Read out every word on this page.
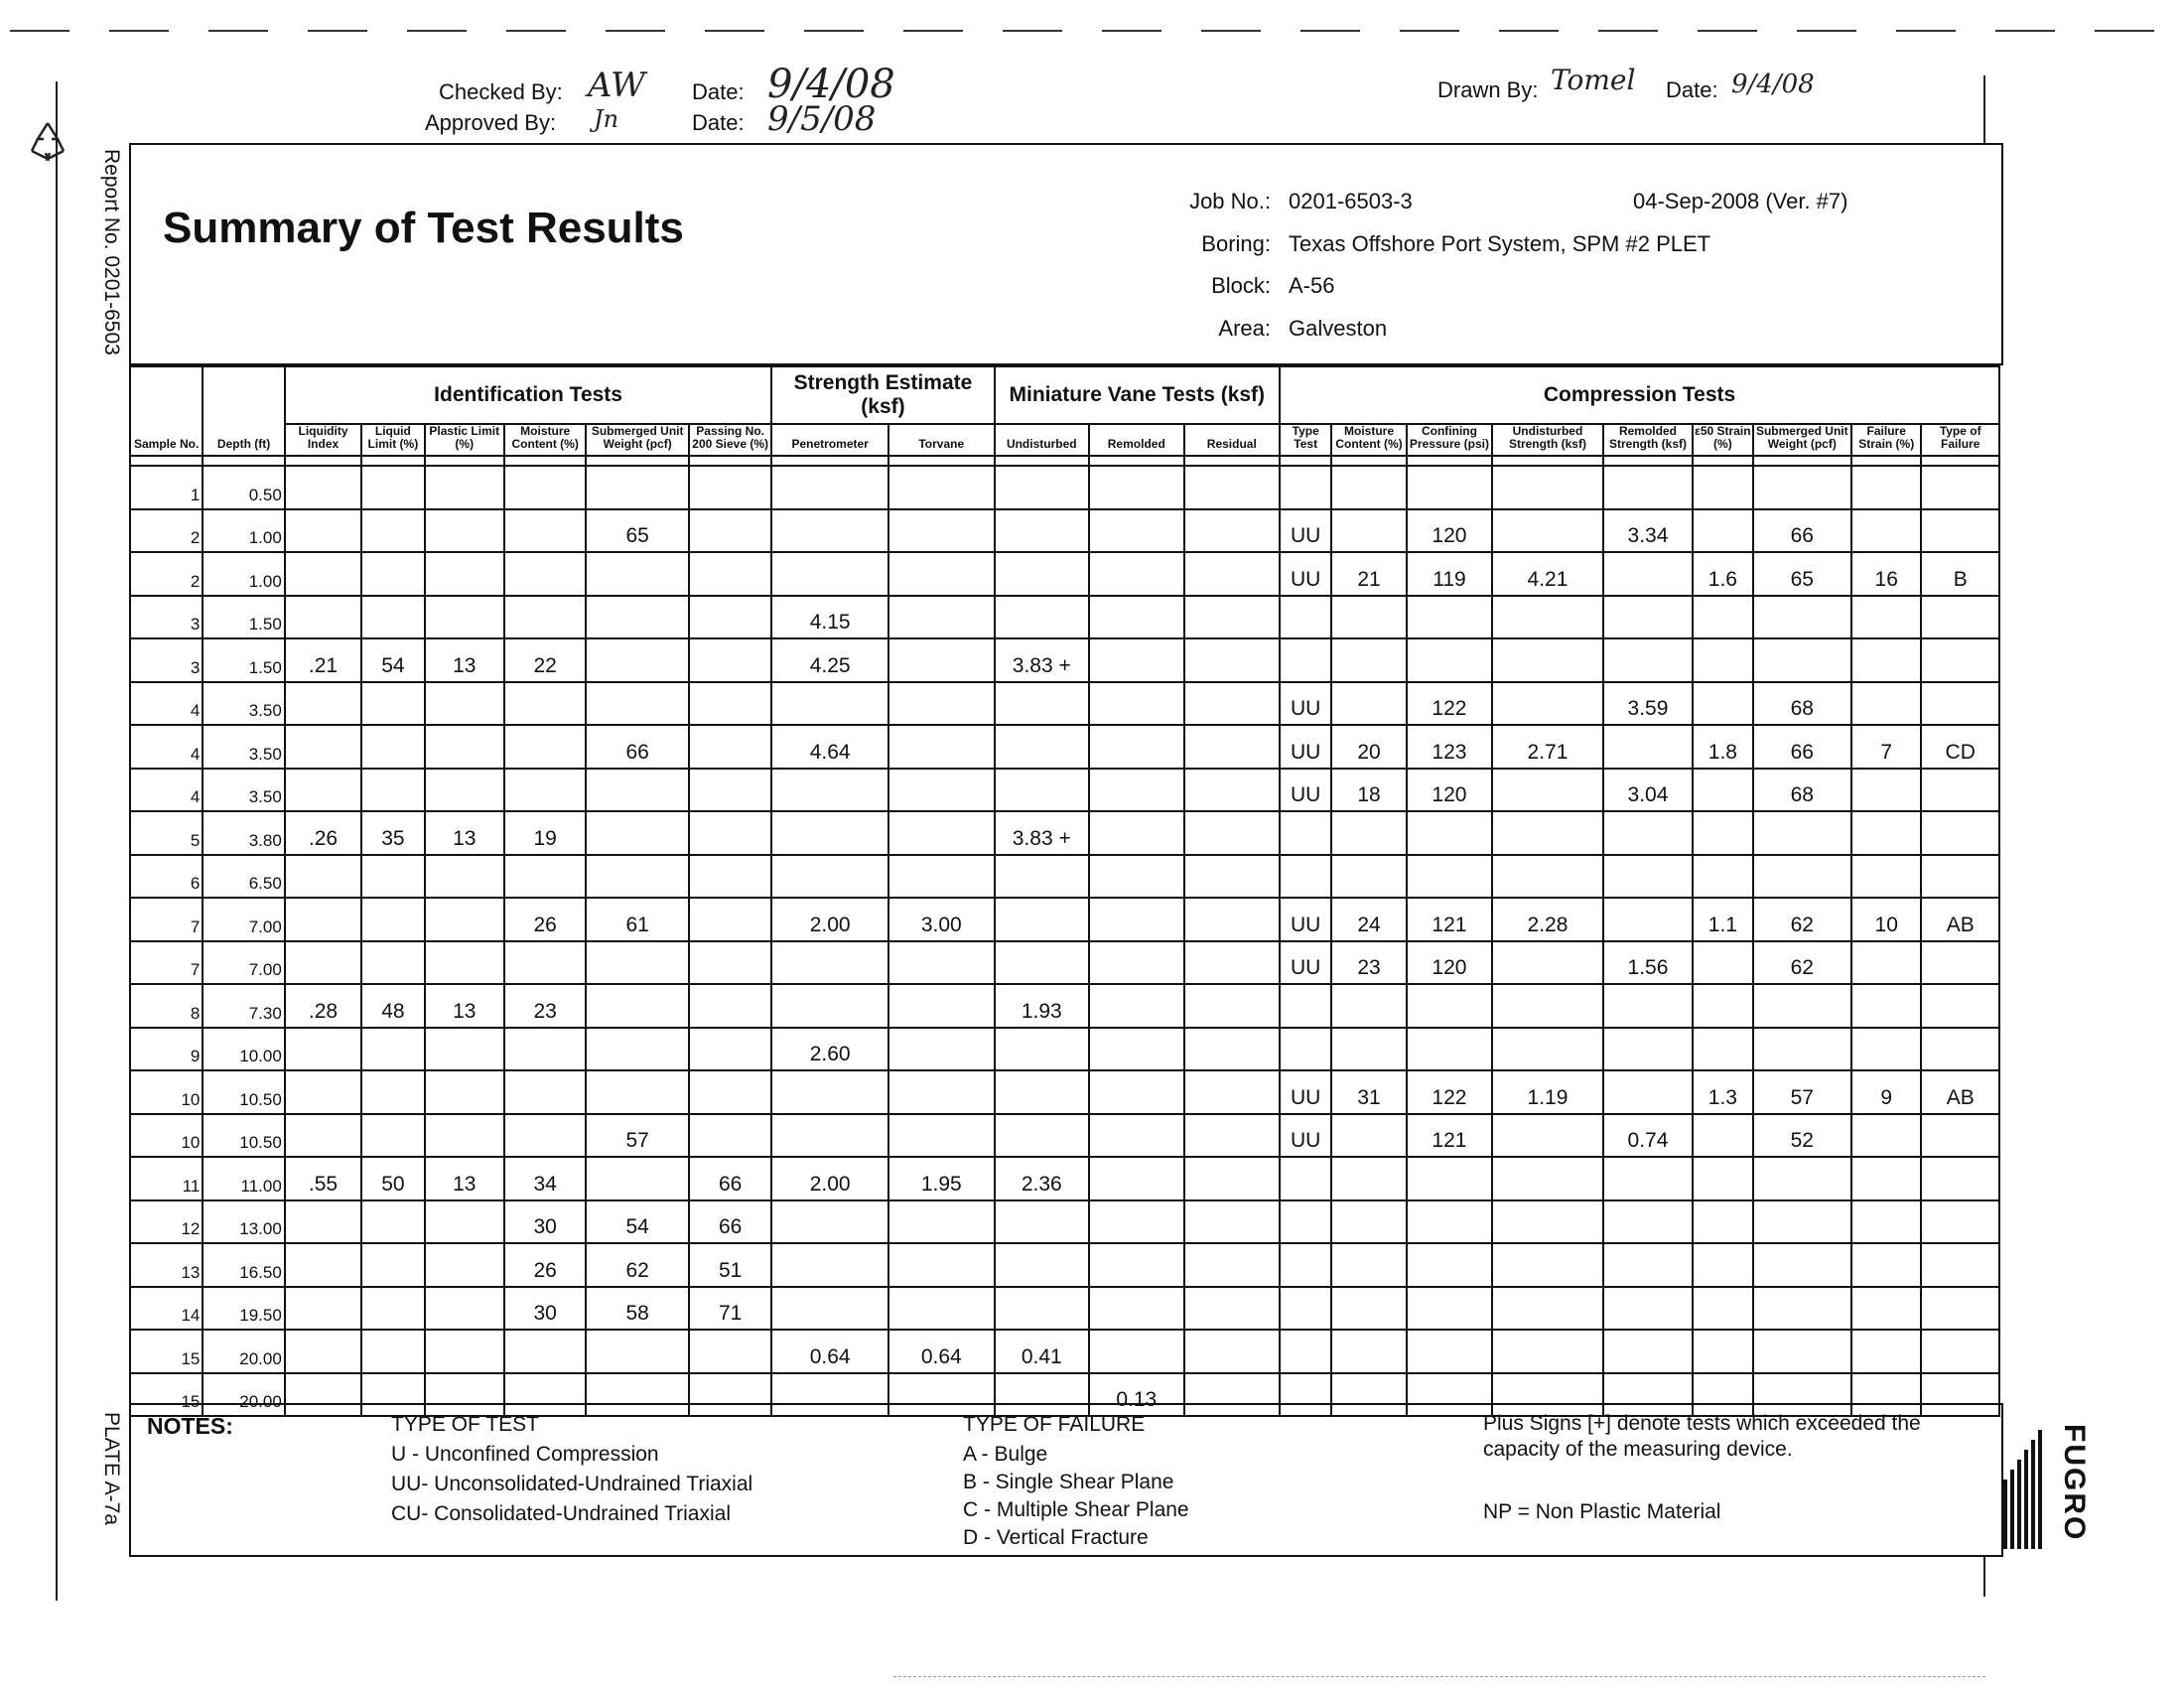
Report No. 0201-6503
PLATE A-7a
Checked By: AW Date: 9/4/08
Approved By: Jn	Date: 9/5/08
Drawn By: Tomel Date: 9/4/08
Summary of Test Results
Job No.: 0201-6503-3	04-Sep-2008 (Ver. #7)
Boring: Texas Offshore Port System, SPM #2 PLET
Block: A-56
Area: Galveston
Sample No.	Depth (ft)	Identification Tests						Strength Estimate (ksf)		Miniature Vane Tests (ksf)			Compression Tests								
		Liquidity Index	Liquid Limit (%)	Plastic Limit (%)	Moisture Content (%)	Submerged Unit Weight (pcf)	Passing No. 200 Sieve (%)	Penetrometer	Torvane	Undisturbed	Remolded	Residual	Type Test	Moisture Content (%)	Confining Pressure (psi)	Undisturbed Strength (ksf)	Remolded Strength (ksf)	ε50 Strain (%)	Submerged Unit Weight (pcf)	Failure Strain (%)	Type of Failure

1	0.50																				
2	1.00					65							UU		120		3.34		66		
2	1.00												UU	21	119	4.21		1.6	65	16	B
3	1.50							4.15													
3	1.50	.21	54	13	22			4.25		3.83 +											
4	3.50												UU		122		3.59		68		
4	3.50					66		4.64					UU	20	123	2.71		1.8	66	7	CD
4	3.50												UU	18	120		3.04		68		
5	3.80	.26	35	13	19					3.83 +											
6	6.50																				
7	7.00				26	61		2.00	3.00				UU	24	121	2.28		1.1	62	10	AB
7	7.00												UU	23	120		1.56		62		
8	7.30	.28	48	13	23					1.93											
9	10.00							2.60													
10	10.50												UU	31	122	1.19		1.3	57	9	AB
10	10.50					57							UU		121		0.74		52		
11	11.00	.55	50	13	34		66	2.00	1.95	2.36											
12	13.00				30	54	66														
13	16.50				26	62	51														
14	19.50				30	58	71														
15	20.00							0.64	0.64	0.41											
15	20.00										0.13										
NOTES:	TYPE OF TEST
U - Unconfined Compression
UU- Unconsolidated-Undrained Triaxial
CU- Consolidated-Undrained Triaxial
TYPE OF FAILURE
A - Bulge
B - Single Shear Plane
C - Multiple Shear Plane
D - Vertical Fracture
Plus Signs [+] denote tests which exceeded the capacity of the measuring device.
NP = Non Plastic Material	FUGRO
